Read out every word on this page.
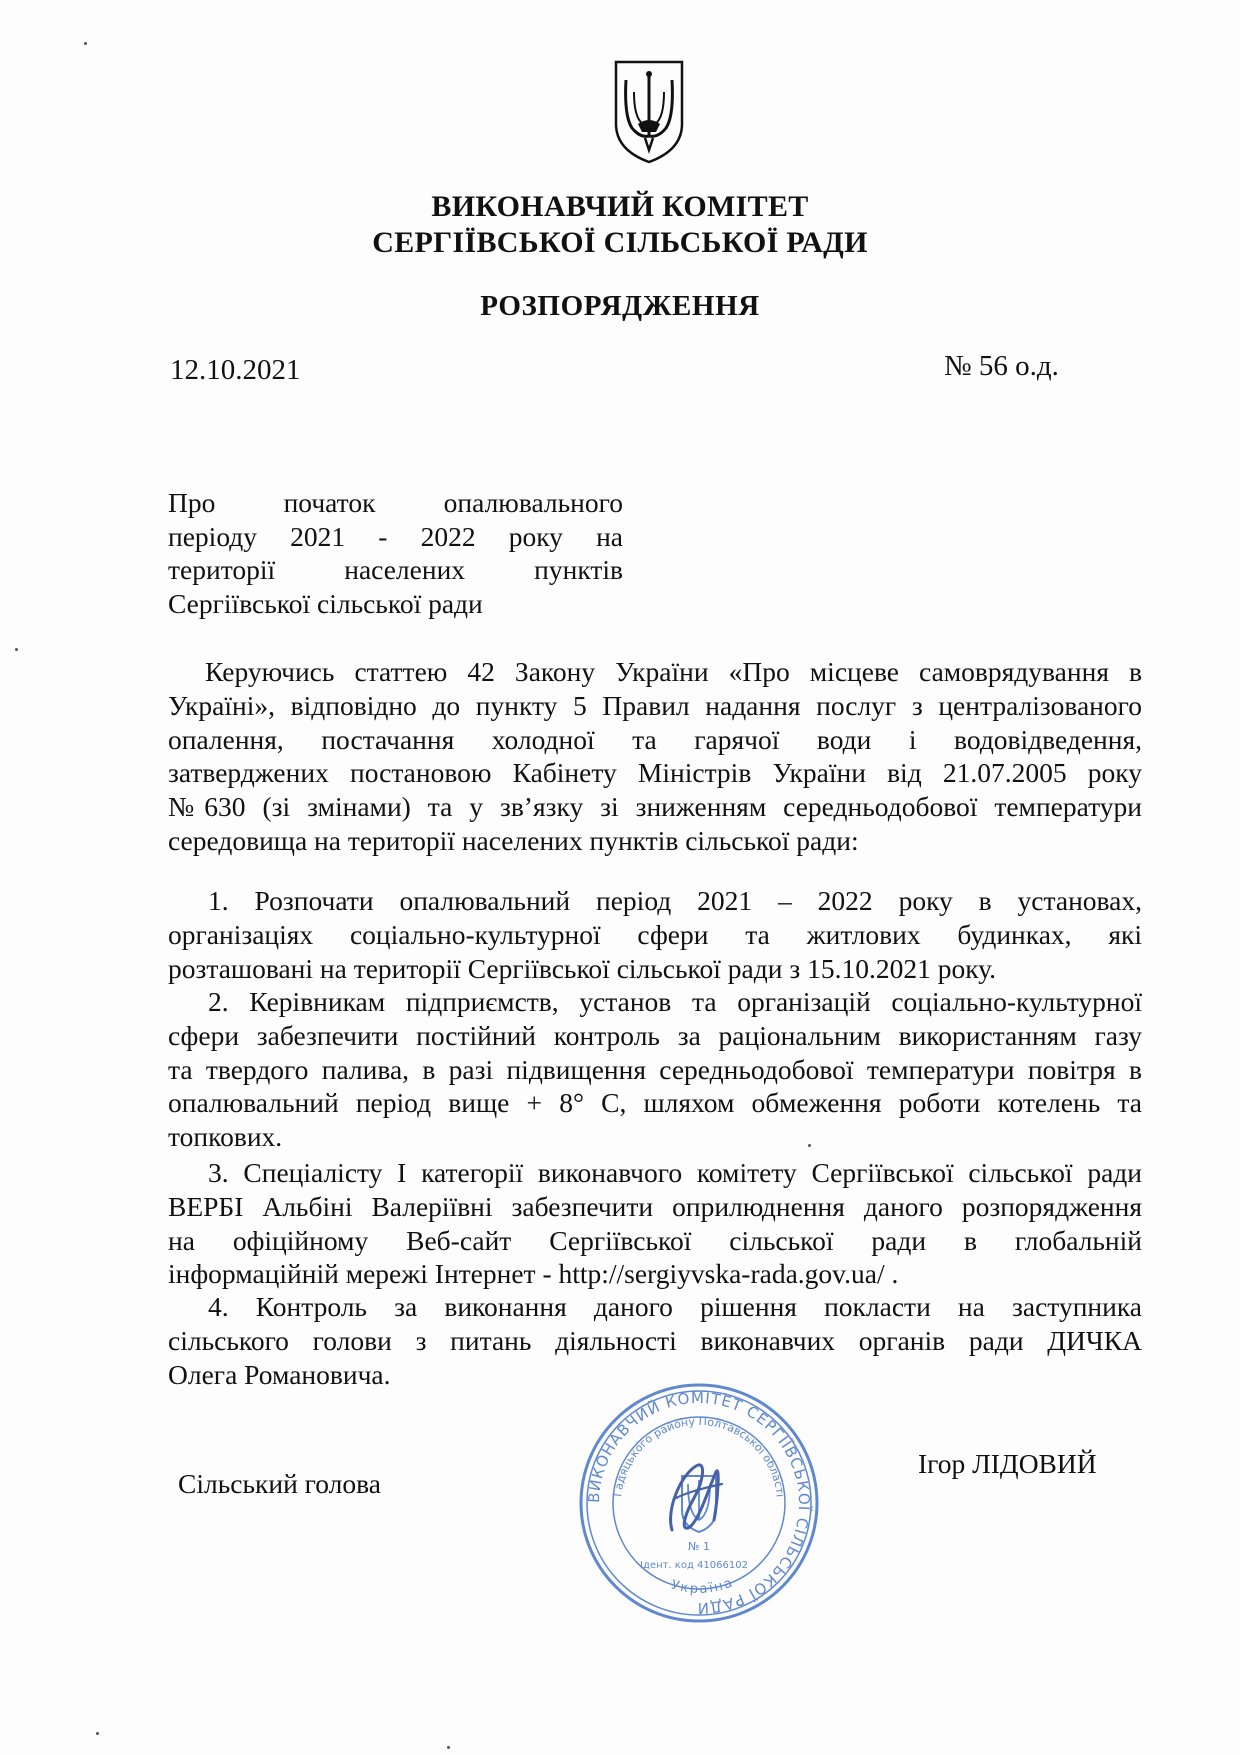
ВИКОНАВЧИЙ КОМІТЕТ
СЕРГІЇВСЬКОЇ СІЛЬСЬКОЇ РАДИ
РОЗПОРЯДЖЕННЯ
12.10.2021	№ 56 о.д.
Про початок опалювального
періоду 2021 - 2022 року на
території населених пунктів
Сергіївської сільської ради
Керуючись статтею 42 Закону України «Про місцеве самоврядування в
Україні», відповідно до пункту 5 Правил надання послуг з централізованого
опалення, постачання холодної та гарячої води і водовідведення,
затверджених постановою Кабінету Міністрів України від 21.07.2005 року
№630 (зі змінами) та у зв’язку зі зниженням середньодобової температури
середовища на території населених пунктів сільської ради:
1. Розпочати опалювальний період 2021 – 2022 року в установах,
організаціях соціально-культурної сфери та житлових будинках, які
розташовані на території Сергіївської сільської ради з 15.10.2021 року.
2. Керівникам підприємств, установ та організацій соціально-культурної
сфери забезпечити постійний контроль за раціональним використанням газу
та твердого палива, в разі підвищення середньодобової температури повітря в
опалювальний період вище + 8° С, шляхом обмеження роботи котелень та
топкових.
3. Спеціалісту І категорії виконавчого комітету Сергіївської сільської ради
ВЕРБІ Альбіні Валеріївні забезпечити оприлюднення даного розпорядження
на офіційному Веб-сайт Сергіївської сільської ради в глобальній
інформаційній мережі Інтернет - http://sergiyvska-rada.gov.ua/ .
4. Контроль за виконання даного рішення покласти на заступника
сільського голови з питань діяльності виконавчих органів ради ДИЧКА
Олега Романовича.
Сільський голова
Ігор ЛІДОВИЙ
ВИКОНАВЧИЙ КОМІТЕТ СЕРГІЇВСЬКОЇ СІЛЬСЬКОЇ РАДИ
Гадяцького району Полтавської області
Україна
№ 1
Ідент. код 41066102
